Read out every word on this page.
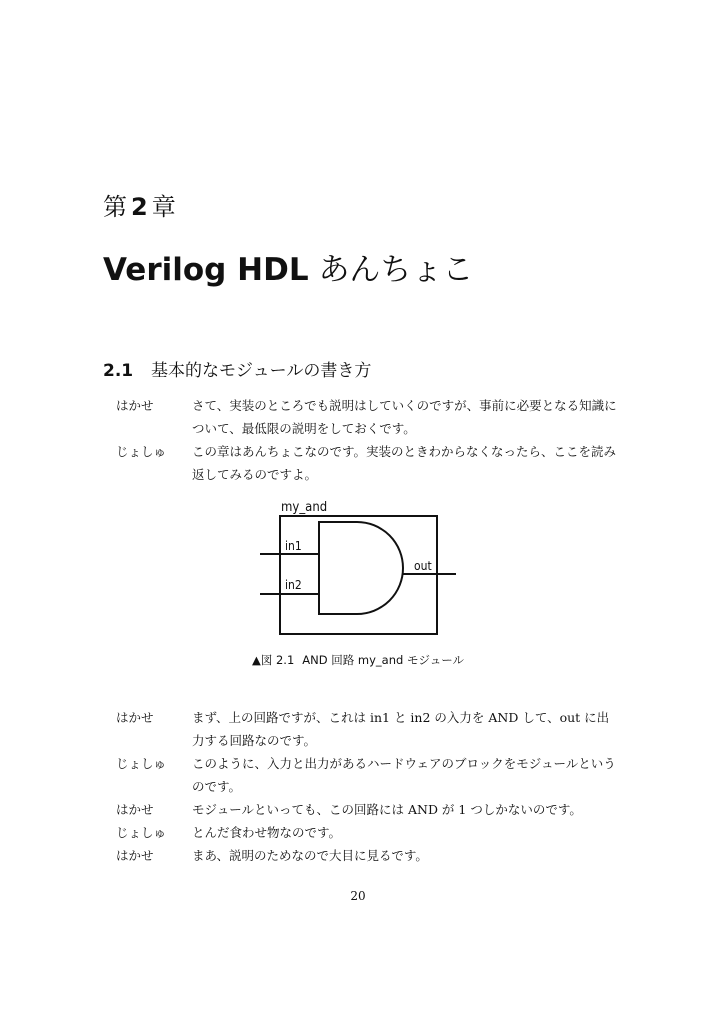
第 2 章
Verilog HDL あんちょこ
2.1 基本的なモジュールの書き方
はかせ	さて、実装のところでも説明はしていくのですが、事前に必要となる知識について、最低限の説明をしておくです。
じょしゅ	この章はあんちょこなのです。実装のときわからなくなったら、ここを読み返してみるのですよ。
my_and
in1
in2
out
▲図 2.1 AND 回路 my_and モジュール
はかせ	まず、上の回路ですが、これは in1 と in2 の入力を AND して、out に出力する回路なのです。
じょしゅ	このように、入力と出力があるハードウェアのブロックをモジュールというのです。
はかせ	モジュールといっても、この回路には AND が 1 つしかないのです。
じょしゅ	とんだ食わせ物なのです。
はかせ	まあ、説明のためなので大目に見るです。
20
